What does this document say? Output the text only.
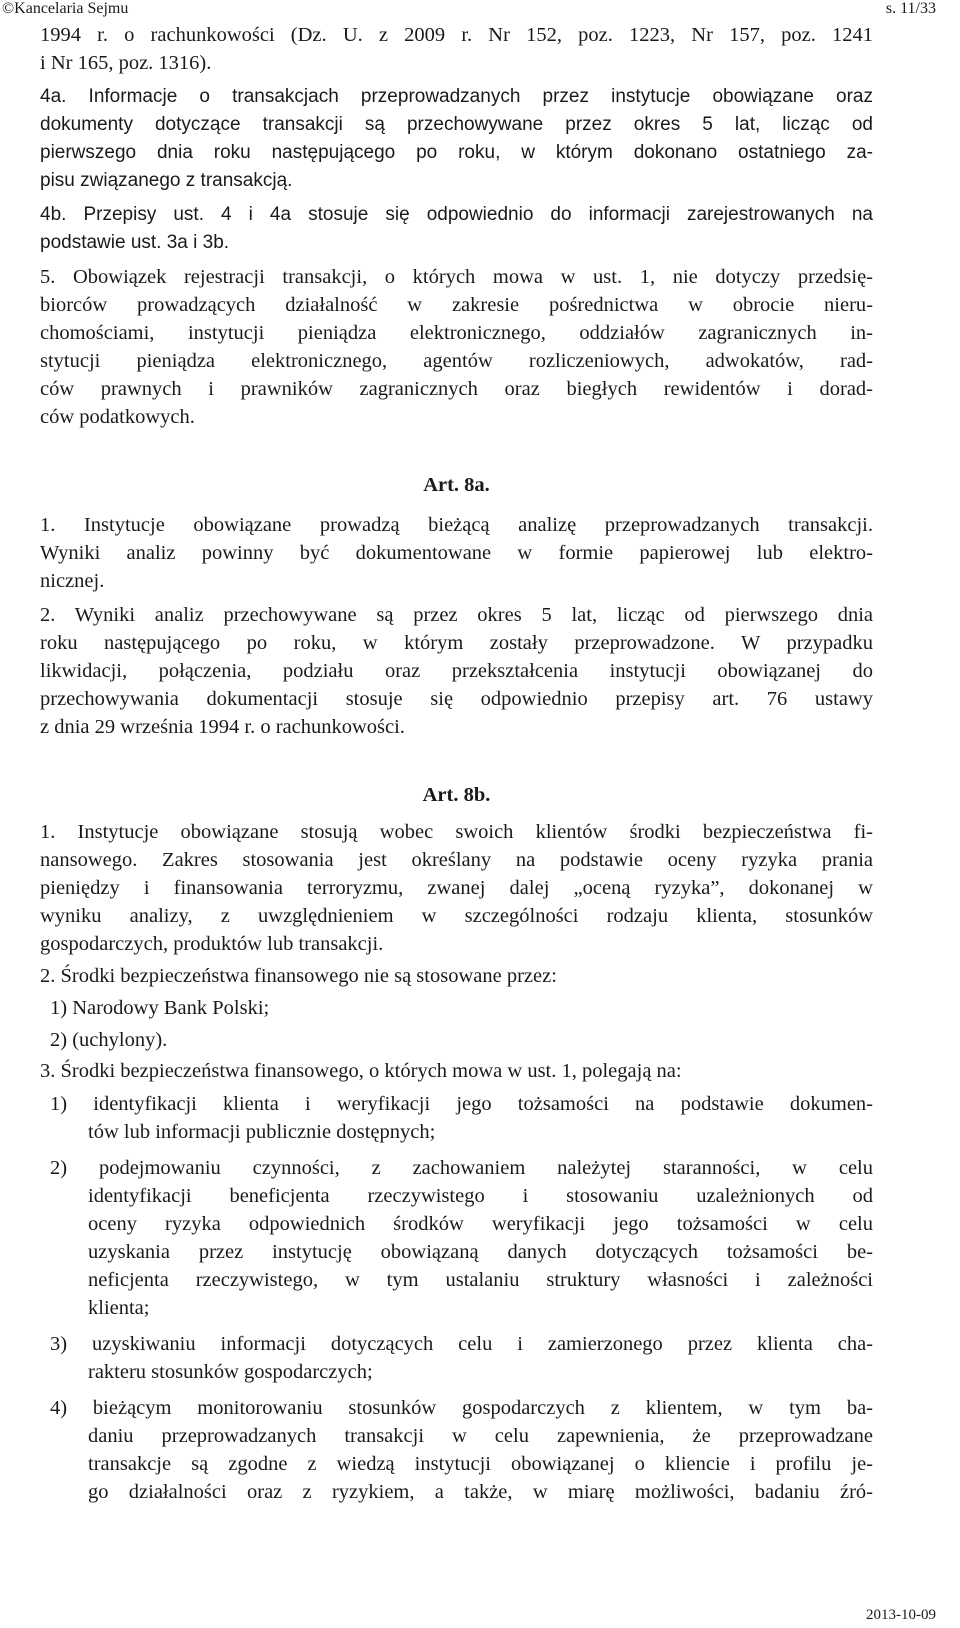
©Kancelaria Sejmu	s. 11/33
1994 r. o rachunkowości (Dz. U. z 2009 r. Nr 152, poz. 1223, Nr 157, poz. 1241
i Nr 165, poz. 1316).
4a. Informacje o transakcjach przeprowadzanych przez instytucje obowiązane oraz
dokumenty dotyczące transakcji są przechowywane przez okres 5 lat, licząc od
pierwszego dnia roku następującego po roku, w którym dokonano ostatniego za-
pisu związanego z transakcją.
4b. Przepisy ust. 4 i 4a stosuje się odpowiednio do informacji zarejestrowanych na
podstawie ust. 3a i 3b.
5. Obowiązek rejestracji transakcji, o których mowa w ust. 1, nie dotyczy przedsię-
biorców prowadzących działalność w zakresie pośrednictwa w obrocie nieru-
chomościami, instytucji pieniądza elektronicznego, oddziałów zagranicznych in-
stytucji pieniądza elektronicznego, agentów rozliczeniowych, adwokatów, rad-
ców prawnych i prawników zagranicznych oraz biegłych rewidentów i dorad-
ców podatkowych.
Art. 8a.
1. Instytucje obowiązane prowadzą bieżącą analizę przeprowadzanych transakcji.
Wyniki analiz powinny być dokumentowane w formie papierowej lub elektro-
nicznej.
2. Wyniki analiz przechowywane są przez okres 5 lat, licząc od pierwszego dnia
roku następującego po roku, w którym zostały przeprowadzone. W przypadku
likwidacji, połączenia, podziału oraz przekształcenia instytucji obowiązanej do
przechowywania dokumentacji stosuje się odpowiednio przepisy art. 76 ustawy
z dnia 29 września 1994 r. o rachunkowości.
Art. 8b.
1. Instytucje obowiązane stosują wobec swoich klientów środki bezpieczeństwa fi-
nansowego. Zakres stosowania jest określany na podstawie oceny ryzyka prania
pieniędzy i finansowania terroryzmu, zwanej dalej „oceną ryzyka”, dokonanej w
wyniku analizy, z uwzględnieniem w szczególności rodzaju klienta, stosunków
gospodarczych, produktów lub transakcji.
2. Środki bezpieczeństwa finansowego nie są stosowane przez:
1) Narodowy Bank Polski;
2) (uchylony).
3. Środki bezpieczeństwa finansowego, o których mowa w ust. 1, polegają na:
1) identyfikacji klienta i weryfikacji jego tożsamości na podstawie dokumen-
tów lub informacji publicznie dostępnych;
2) podejmowaniu czynności, z zachowaniem należytej staranności, w celu
identyfikacji beneficjenta rzeczywistego i stosowaniu uzależnionych od
oceny ryzyka odpowiednich środków weryfikacji jego tożsamości w celu
uzyskania przez instytucję obowiązaną danych dotyczących tożsamości be-
neficjenta rzeczywistego, w tym ustalaniu struktury własności i zależności
klienta;
3) uzyskiwaniu informacji dotyczących celu i zamierzonego przez klienta cha-
rakteru stosunków gospodarczych;
4) bieżącym monitorowaniu stosunków gospodarczych z klientem, w tym ba-
daniu przeprowadzanych transakcji w celu zapewnienia, że przeprowadzane
transakcje są zgodne z wiedzą instytucji obowiązanej o kliencie i profilu je-
go działalności oraz z ryzykiem, a także, w miarę możliwości, badaniu źró-
2013-10-09
